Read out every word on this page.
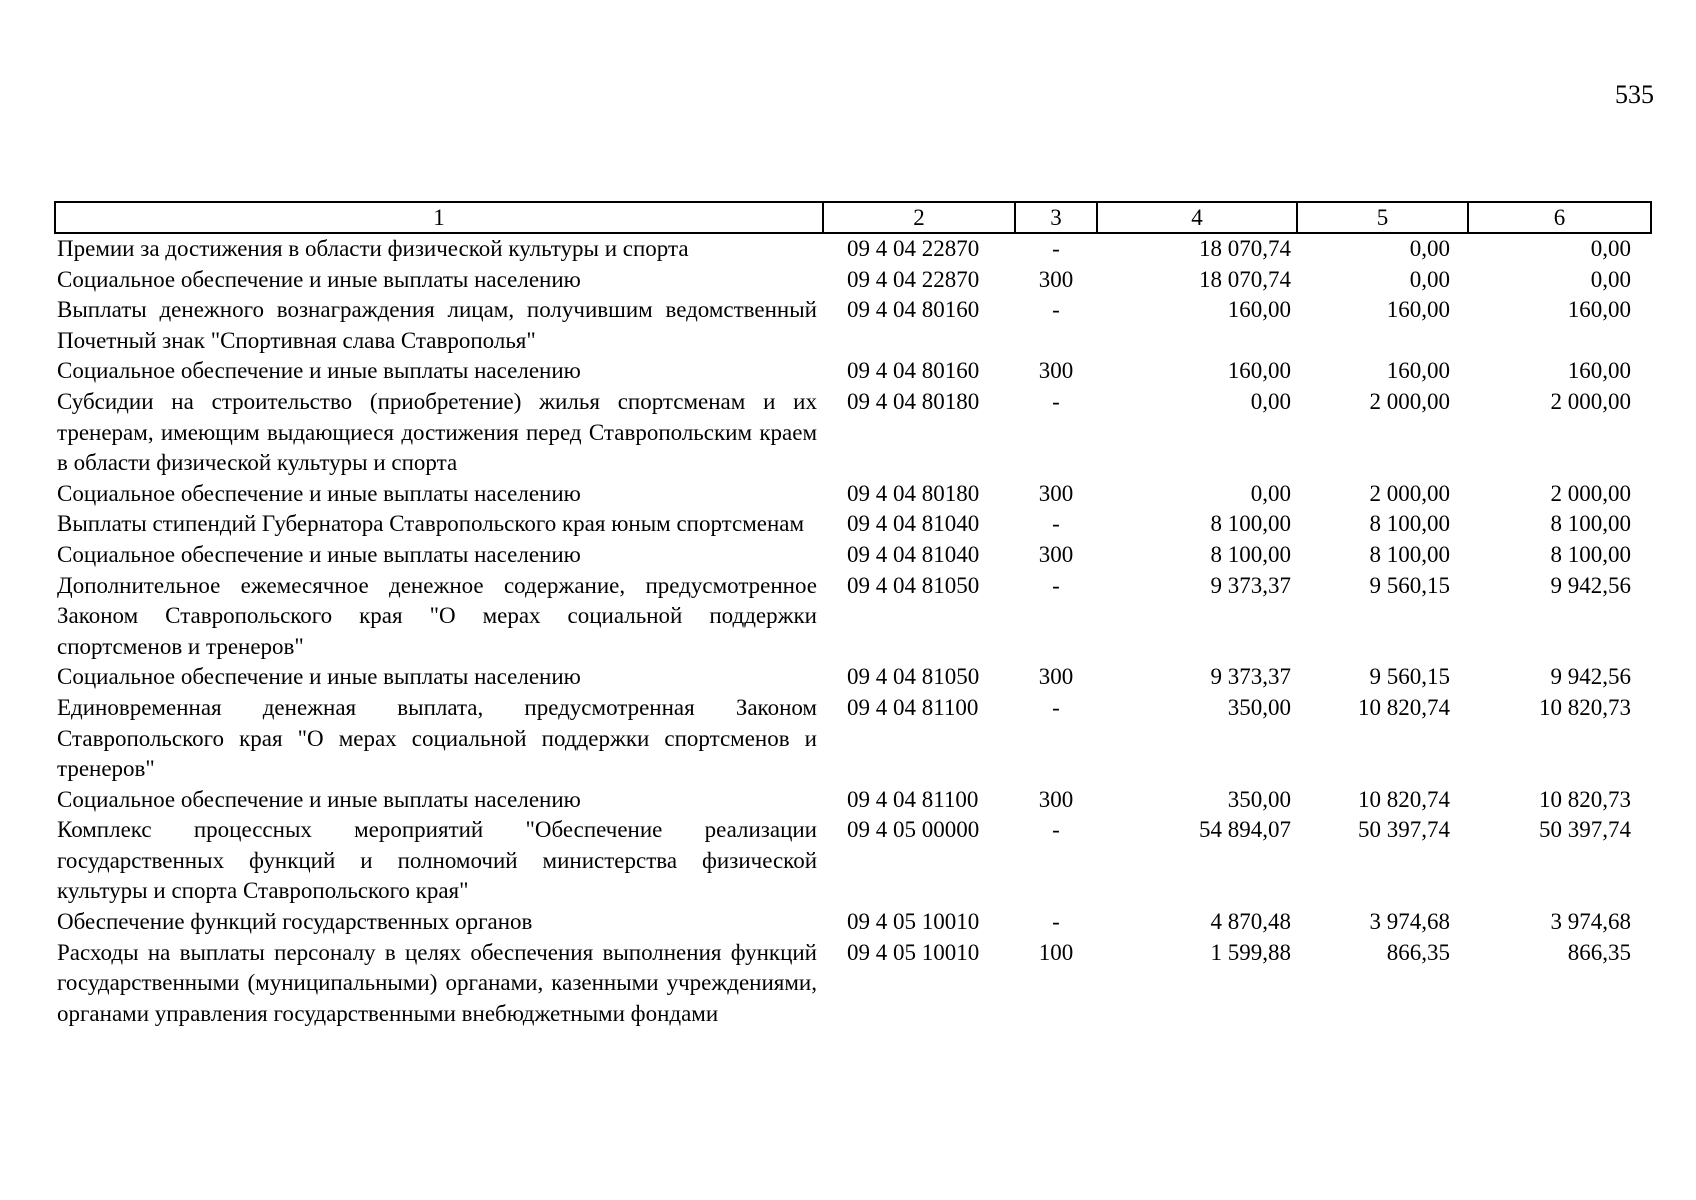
535
1	2	3	4	5	6
Премии за достижения в области физической культуры и спорта	09 4 04 22870	-	18 070,74	0,00	0,00
Социальное обеспечение и иные выплаты населению	09 4 04 22870	300	18 070,74	0,00	0,00
Выплаты денежного вознаграждения лицам, получившим ведомственный Почетный знак "Спортивная слава Ставрополья"	09 4 04 80160	-	160,00	160,00	160,00
Социальное обеспечение и иные выплаты населению	09 4 04 80160	300	160,00	160,00	160,00
Субсидии на строительство (приобретение) жилья спортсменам и их тренерам, имеющим выдающиеся достижения перед Ставропольским краем в области физической культуры и спорта	09 4 04 80180	-	0,00	2 000,00	2 000,00
Социальное обеспечение и иные выплаты населению	09 4 04 80180	300	0,00	2 000,00	2 000,00
Выплаты стипендий Губернатора Ставропольского края юным спортсменам	09 4 04 81040	-	8 100,00	8 100,00	8 100,00
Социальное обеспечение и иные выплаты населению	09 4 04 81040	300	8 100,00	8 100,00	8 100,00
Дополнительное ежемесячное денежное содержание, предусмотренное Законом Ставропольского края "О мерах социальной поддержки спортсменов и тренеров"	09 4 04 81050	-	9 373,37	9 560,15	9 942,56
Социальное обеспечение и иные выплаты населению	09 4 04 81050	300	9 373,37	9 560,15	9 942,56
Единовременная денежная выплата, предусмотренная Законом Ставропольского края "О мерах социальной поддержки спортсменов и тренеров"	09 4 04 81100	-	350,00	10 820,74	10 820,73
Социальное обеспечение и иные выплаты населению	09 4 04 81100	300	350,00	10 820,74	10 820,73
Комплекс процессных мероприятий "Обеспечение реализации государственных функций и полномочий министерства физической культуры и спорта Ставропольского края"	09 4 05 00000	-	54 894,07	50 397,74	50 397,74
Обеспечение функций государственных органов	09 4 05 10010	-	4 870,48	3 974,68	3 974,68
Расходы на выплаты персоналу в целях обеспечения выполнения функций государственными (муниципальными) органами, казенными учреждениями, органами управления государственными внебюджетными фондами	09 4 05 10010	100	1 599,88	866,35	866,35
